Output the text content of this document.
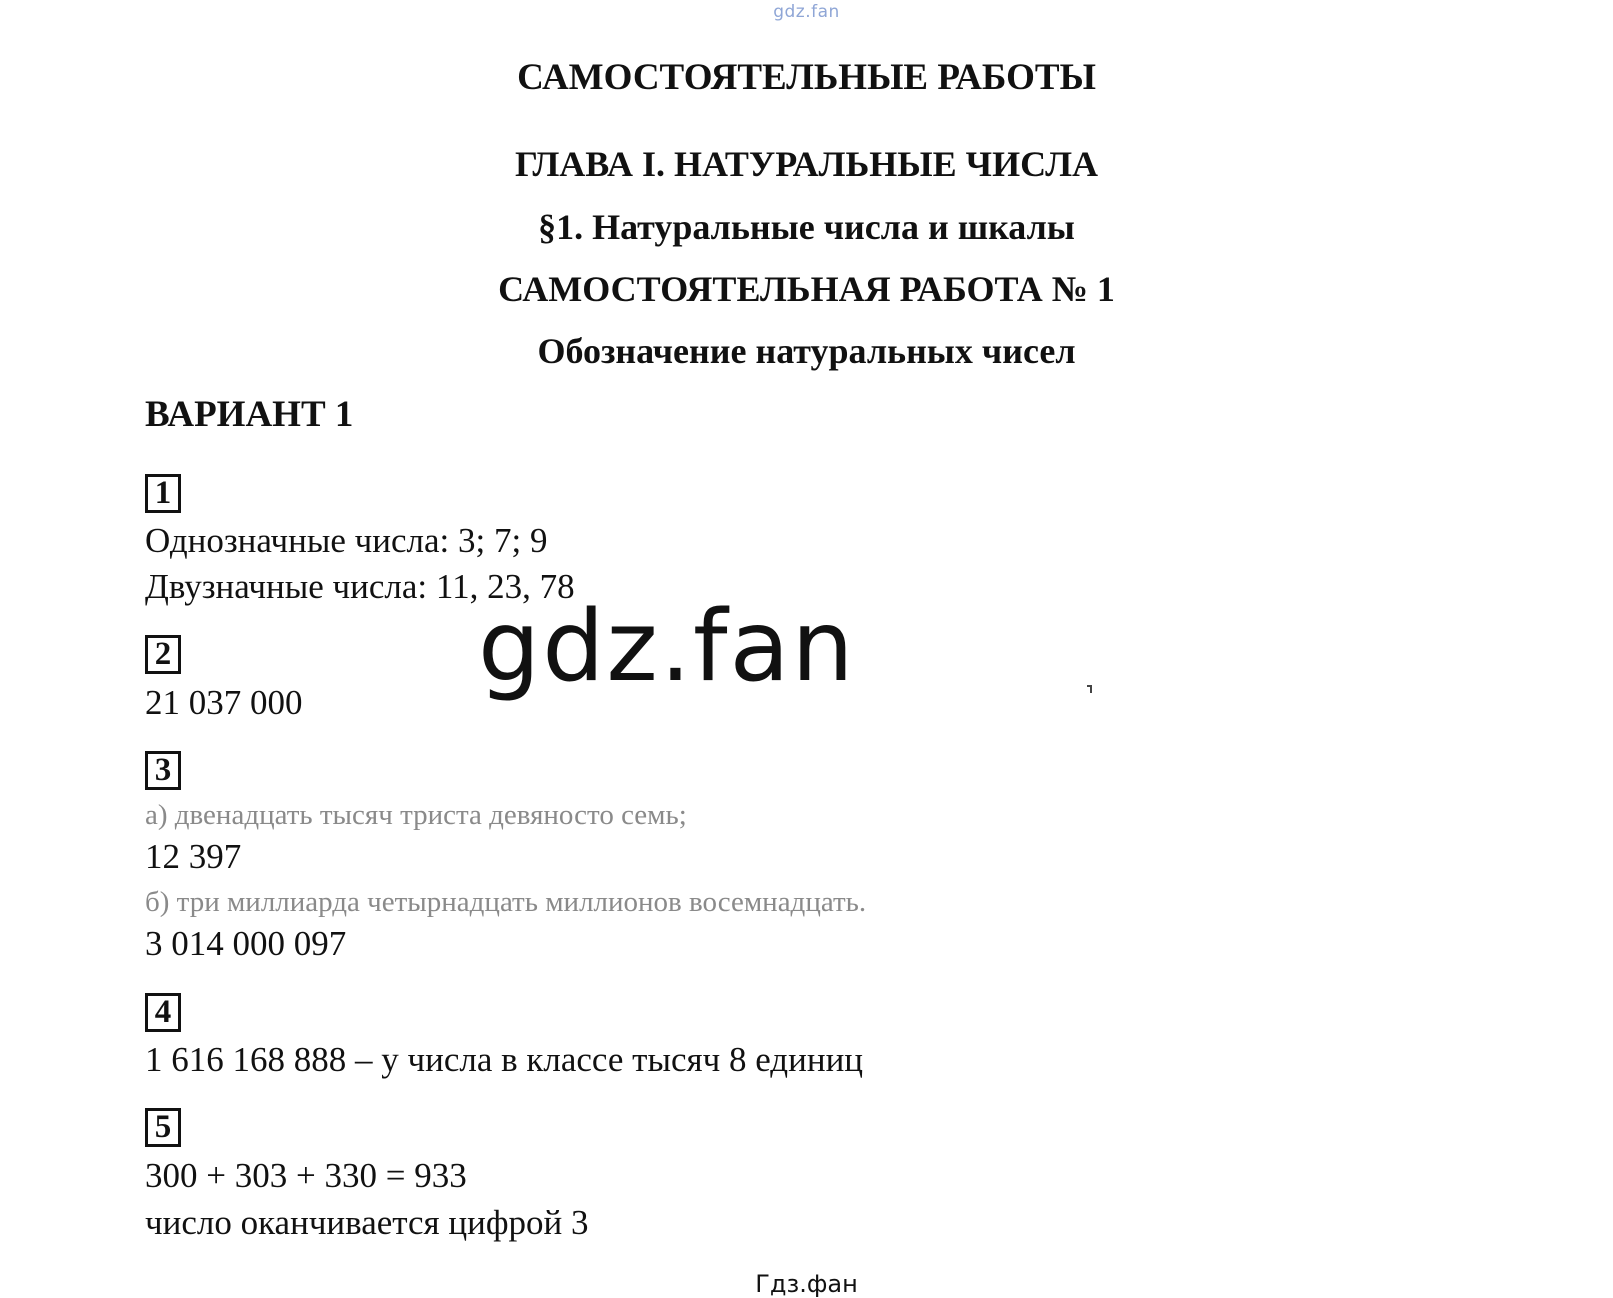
gdz.fan
САМОСТОЯТЕЛЬНЫЕ РАБОТЫ
ГЛАВА I. НАТУРАЛЬНЫЕ ЧИСЛА
§1. Натуральные числа и шкалы
САМОСТОЯТЕЛЬНАЯ РАБОТА № 1
Обозначение натуральных чисел
ВАРИАНТ 1
1
Однозначные числа: 3; 7; 9
Двузначные числа: 11, 23, 78
2
21 037 000
3
а) двенадцать тысяч триста девяносто семь;
12 397
б) три миллиарда четырнадцать миллионов восемнадцать.
3 014 000 097
4
1 616 168 888 – у числа в классе тысяч 8 единиц
5
300 + 303 + 330 = 933
число оканчивается цифрой 3
gdz.fan
Гдз.фан
